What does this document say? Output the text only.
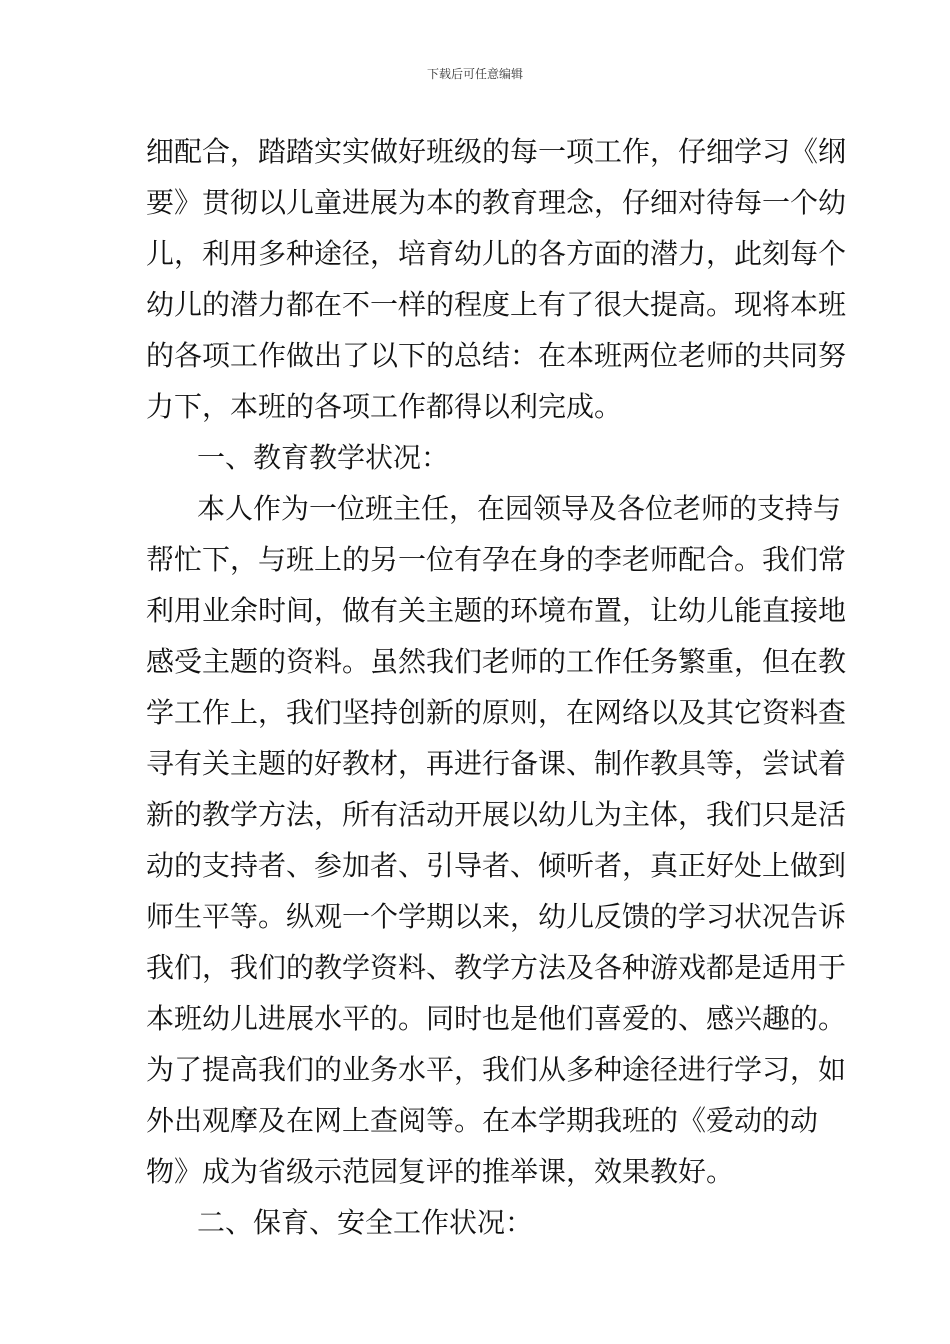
下载后可任意编辑
细配合，踏踏实实做好班级的每一项工作，仔细学习《纲
要》贯彻以儿童进展为本的教育理念，仔细对待每一个幼
儿，利用多种途径，培育幼儿的各方面的潜力，此刻每个
幼儿的潜力都在不一样的程度上有了很大提高。现将本班
的各项工作做出了以下的总结：在本班两位老师的共同努
力下，本班的各项工作都得以利完成。
一、教育教学状况：
本人作为一位班主任，在园领导及各位老师的支持与
帮忙下，与班上的另一位有孕在身的李老师配合。我们常
利用业余时间，做有关主题的环境布置，让幼儿能直接地
感受主题的资料。虽然我们老师的工作任务繁重，但在教
学工作上，我们坚持创新的原则，在网络以及其它资料查
寻有关主题的好教材，再进行备课、制作教具等，尝试着
新的教学方法，所有活动开展以幼儿为主体，我们只是活
动的支持者、参加者、引导者、倾听者，真正好处上做到
师生平等。纵观一个学期以来，幼儿反馈的学习状况告诉
我们，我们的教学资料、教学方法及各种游戏都是适用于
本班幼儿进展水平的。同时也是他们喜爱的、感兴趣的。
为了提高我们的业务水平，我们从多种途径进行学习，如
外出观摩及在网上查阅等。在本学期我班的《爱动的动
物》成为省级示范园复评的推举课，效果教好。
二、保育、安全工作状况：
